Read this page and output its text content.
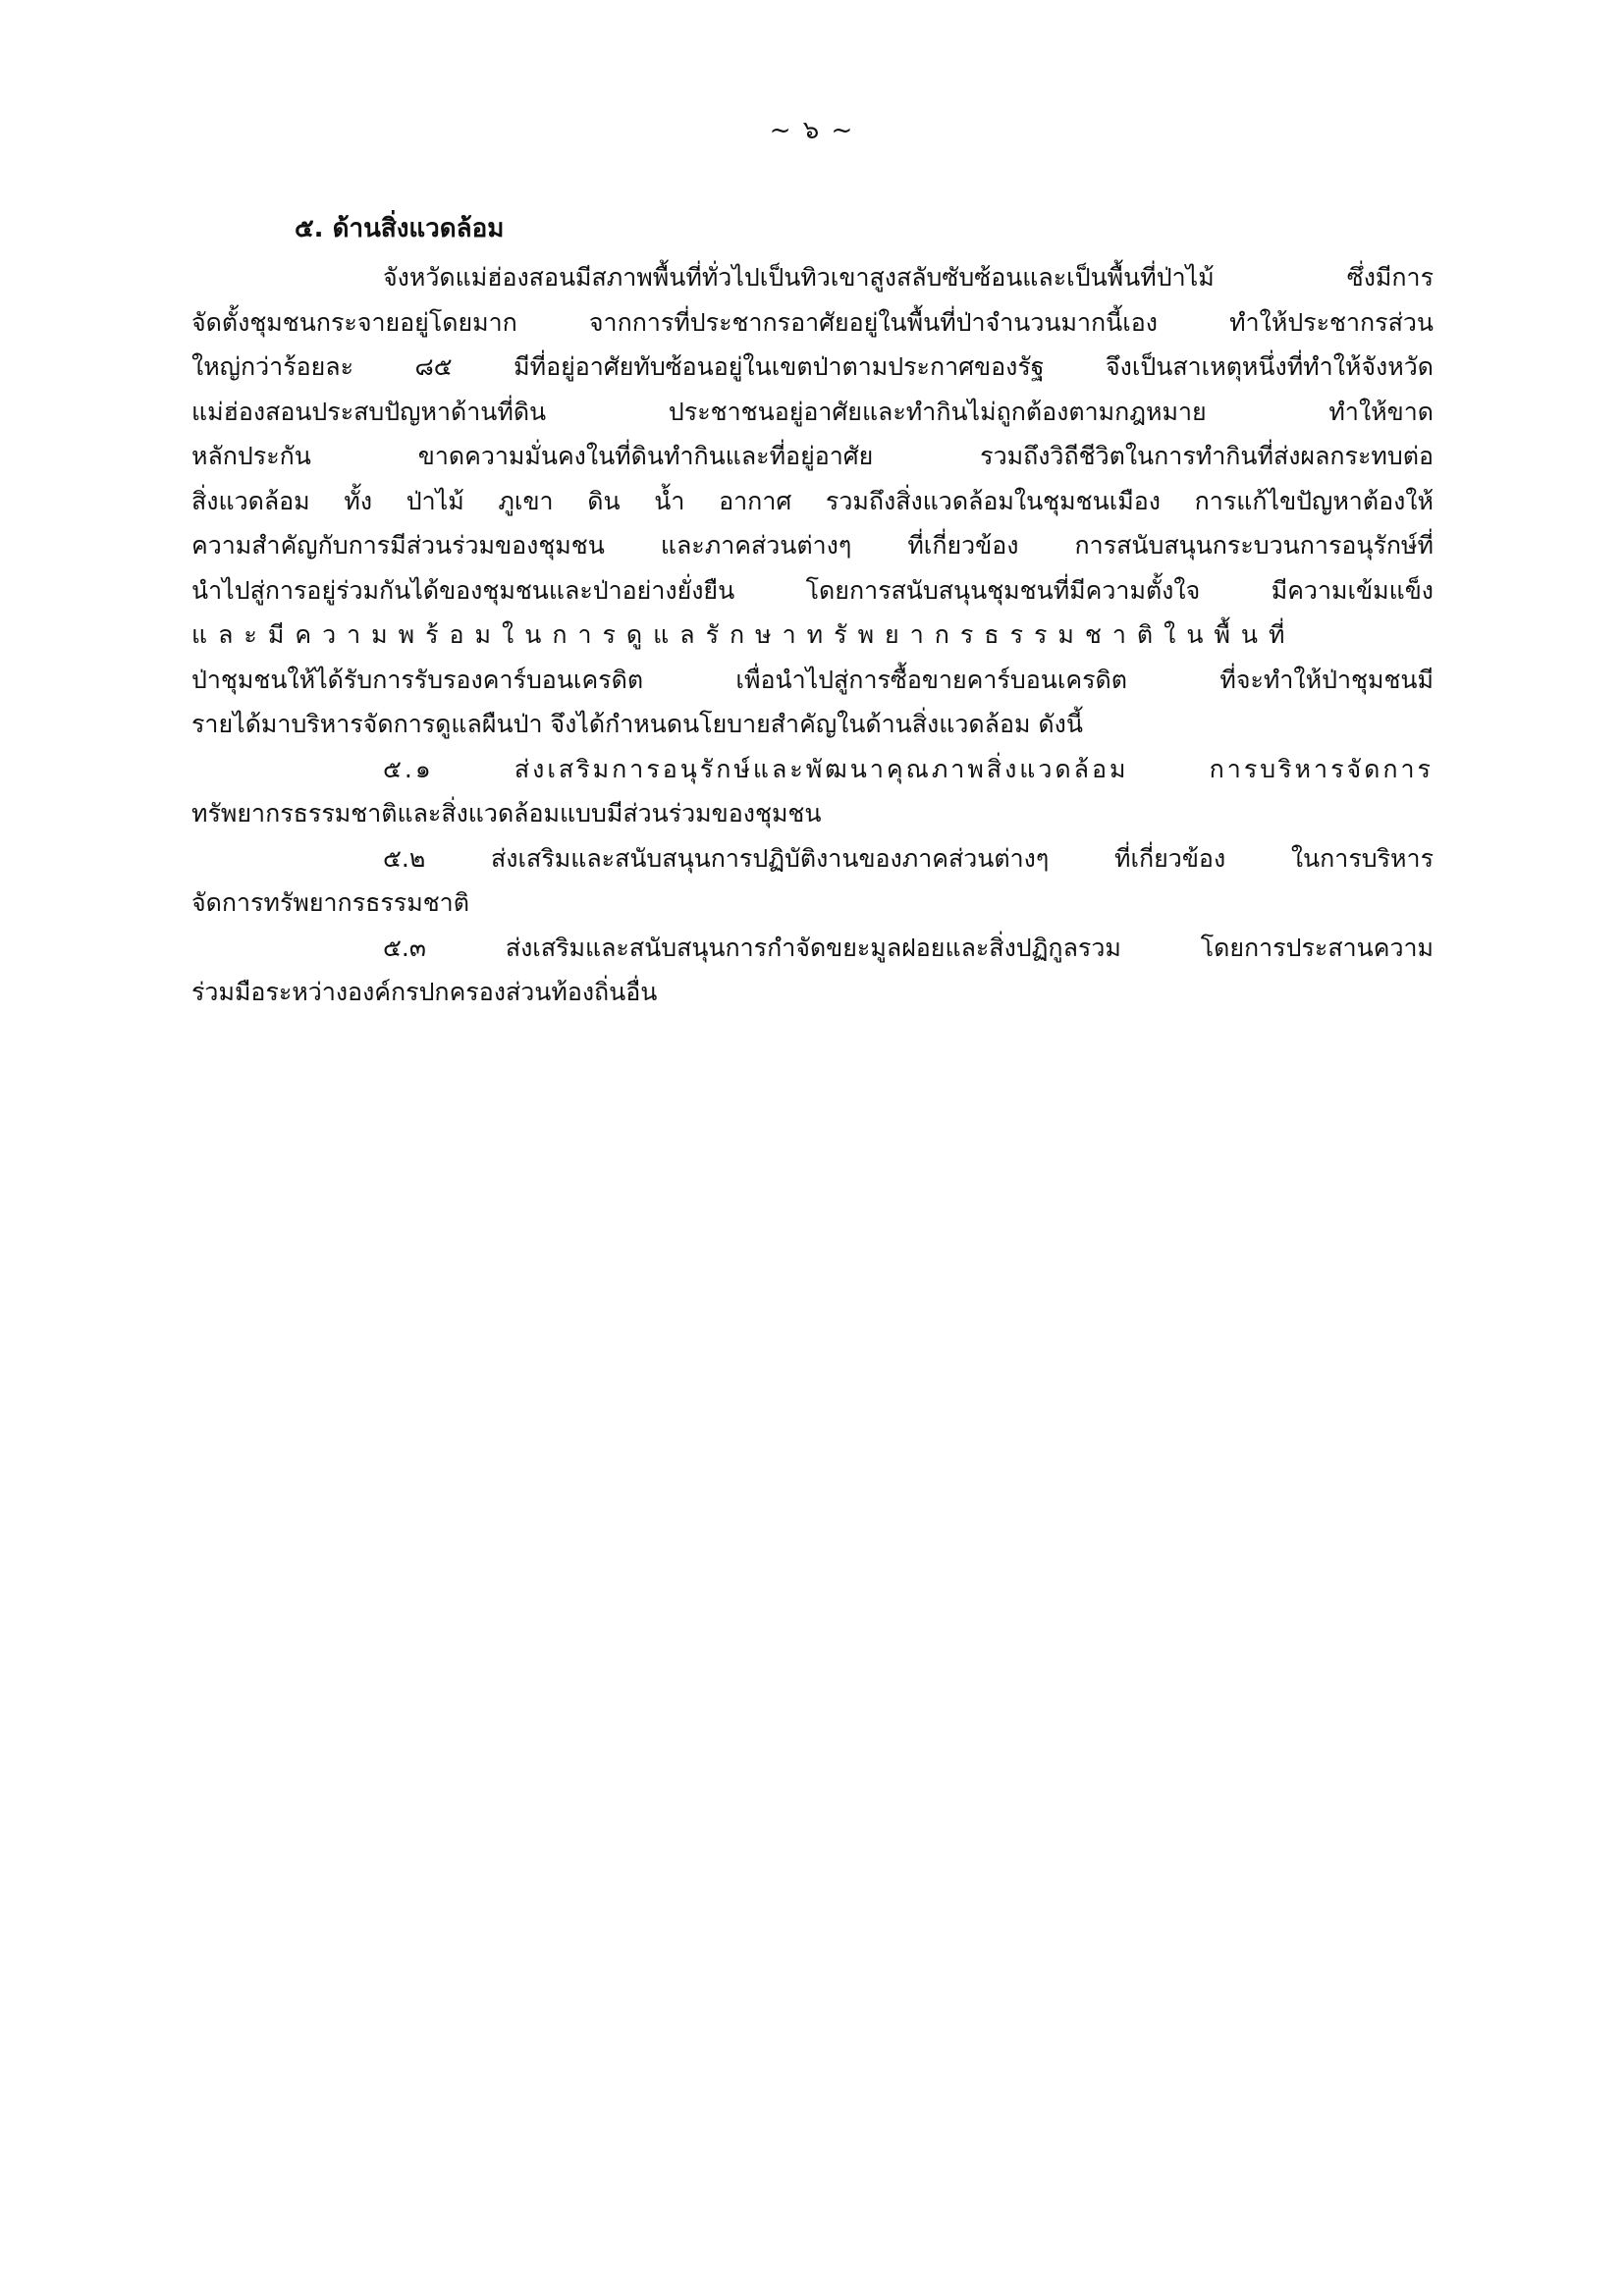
~ ๖ ~
๕. ด้านสิ่งแวดล้อม
จังหวัดแม่ฮ่องสอนมีสภาพพื้นที่ทั่วไปเป็นทิวเขาสูงสลับซับซ้อนและเป็นพื้นที่ป่าไม้ ซึ่งมีการ
จัดตั้งชุมชนกระจายอยู่โดยมาก จากการที่ประชากรอาศัยอยู่ในพื้นที่ป่าจำนวนมากนี้เอง ทำให้ประชากรส่วน
ใหญ่กว่าร้อยละ ๘๕ มีที่อยู่อาศัยทับซ้อนอยู่ในเขตป่าตามประกาศของรัฐ จึงเป็นสาเหตุหนึ่งที่ทำให้จังหวัด
แม่ฮ่องสอนประสบปัญหาด้านที่ดิน ประชาชนอยู่อาศัยและทำกินไม่ถูกต้องตามกฎหมาย ทำให้ขาด
หลักประกัน ขาดความมั่นคงในที่ดินทำกินและที่อยู่อาศัย รวมถึงวิถีชีวิตในการทำกินที่ส่งผลกระทบต่อ
สิ่งแวดล้อม ทั้ง ป่าไม้ ภูเขา ดิน น้ำ อากาศ รวมถึงสิ่งแวดล้อมในชุมชนเมือง การแก้ไขปัญหาต้องให้
ความสำคัญกับการมีส่วนร่วมของชุมชน และภาคส่วนต่างๆ ที่เกี่ยวข้อง การสนับสนุนกระบวนการอนุรักษ์ที่
นำไปสู่การอยู่ร่วมกันได้ของชุมชนและป่าอย่างยั่งยืน โดยการสนับสนุนชุมชนที่มีความตั้งใจ มีความเข้มแข็ง
และมีความพร้อมในการดูแลรักษาทรัพยากรธรรมชาติในพื้นที่
ป่าชุมชนให้ได้รับการรับรองคาร์บอนเครดิต เพื่อนำไปสู่การซื้อขายคาร์บอนเครดิต ที่จะทำให้ป่าชุมชนมี
รายได้มาบริหารจัดการดูแลผืนป่า จึงได้กำหนดนโยบายสำคัญในด้านสิ่งแวดล้อม ดังนี้
๕.๑ ส่งเสริมการอนุรักษ์และพัฒนาคุณภาพสิ่งแวดล้อม การบริหารจัดการ
ทรัพยากรธรรมชาติและสิ่งแวดล้อมแบบมีส่วนร่วมของชุมชน
๕.๒ ส่งเสริมและสนับสนุนการปฏิบัติงานของภาคส่วนต่างๆ ที่เกี่ยวข้อง ในการบริหาร
จัดการทรัพยากรธรรมชาติ
๕.๓ ส่งเสริมและสนับสนุนการกำจัดขยะมูลฝอยและสิ่งปฏิกูลรวม โดยการประสานความ
ร่วมมือระหว่างองค์กรปกครองส่วนท้องถิ่นอื่น
